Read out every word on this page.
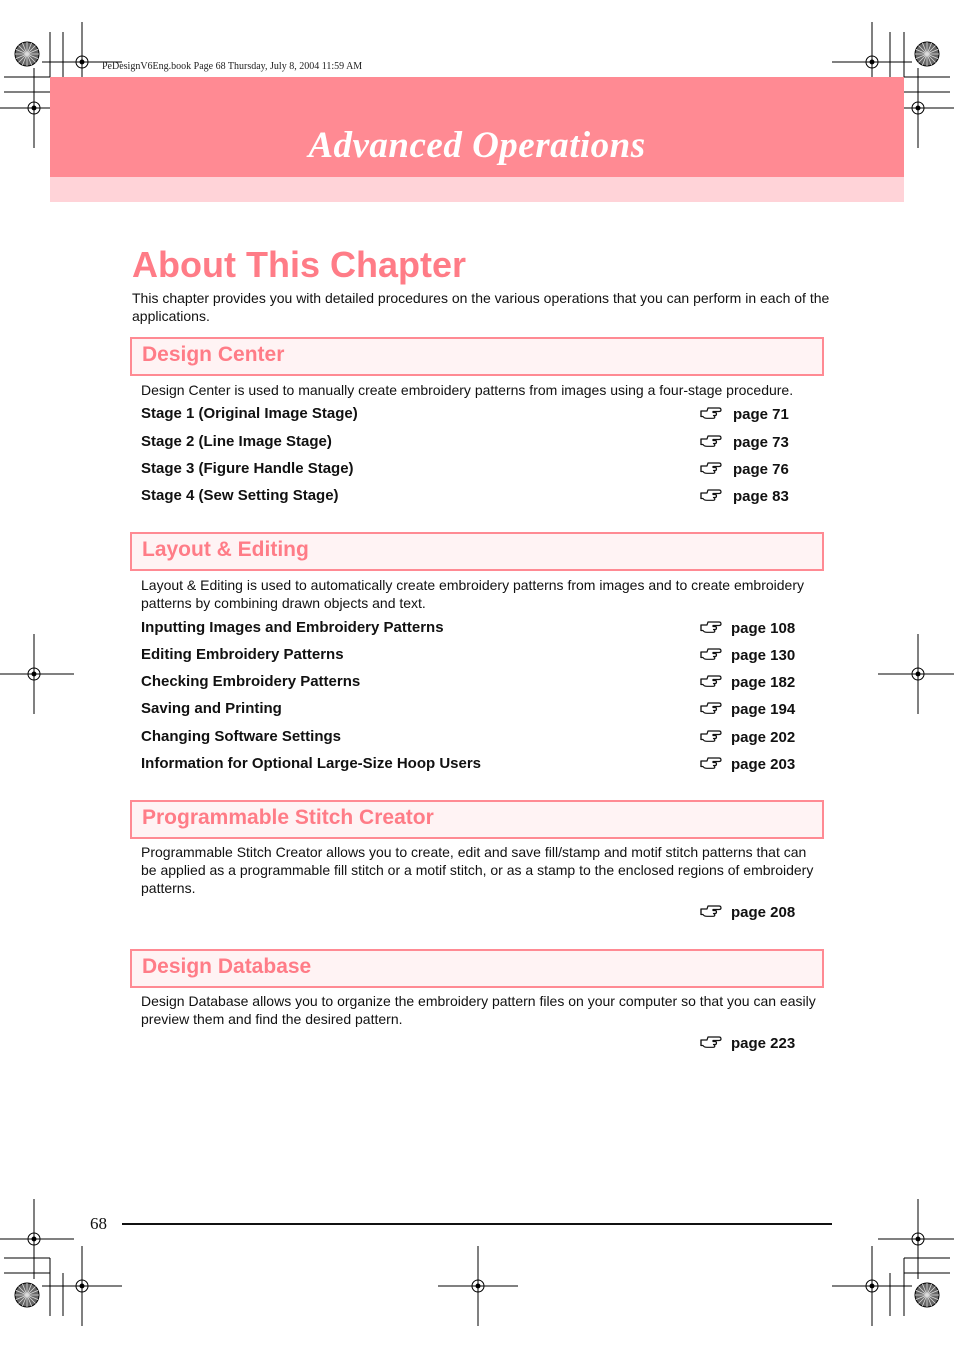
PeDesignV6Eng.book Page 68 Thursday, July 8, 2004 11:59 AM
Advanced Operations
About This Chapter
This chapter provides you with detailed procedures on the various operations that you can perform in each of the applications.
Design Center
Design Center is used to manually create embroidery patterns from images using a four-stage procedure.
Stage 1 (Original Image Stage)	page 71
Stage 2 (Line Image Stage)	page 73
Stage 3 (Figure Handle Stage)	page 76
Stage 4 (Sew Setting Stage)	page 83
Layout & Editing
Layout & Editing is used to automatically create embroidery patterns from images and to create embroidery patterns by combining drawn objects and text.
Inputting Images and Embroidery Patterns	page 108
Editing Embroidery Patterns	page 130
Checking Embroidery Patterns	page 182
Saving and Printing	page 194
Changing Software Settings	page 202
Information for Optional Large-Size Hoop Users	page 203
Programmable Stitch Creator
Programmable Stitch Creator allows you to create, edit and save fill/stamp and motif stitch patterns that can be applied as a programmable fill stitch or a motif stitch, or as a stamp to the enclosed regions of embroidery patterns.
page 208
Design Database
Design Database allows you to organize the embroidery pattern files on your computer so that you can easily preview them and find the desired pattern.
page 223
68
